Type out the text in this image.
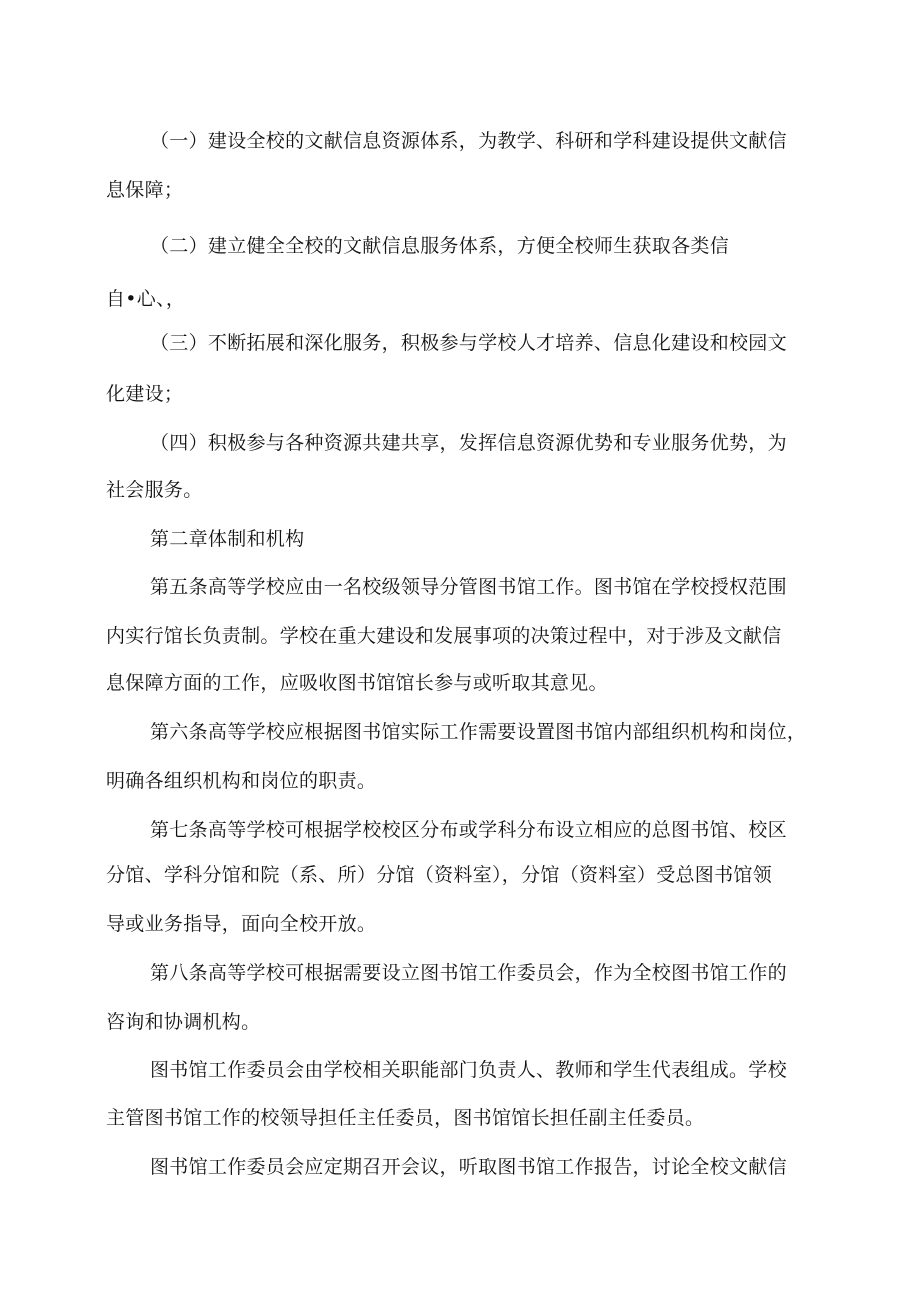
（一）建设全校的文献信息资源体系，为教学、科研和学科建设提供文献信
息保障；
（二）建立健全全校的文献信息服务体系，方便全校师生获取各类信
自•心、，
（三）不断拓展和深化服务，积极参与学校人才培养、信息化建设和校园文
化建设；
（四）积极参与各种资源共建共享，发挥信息资源优势和专业服务优势，为
社会服务。
第二章体制和机构
第五条高等学校应由一名校级领导分管图书馆工作。图书馆在学校授权范围
内实行馆长负责制。学校在重大建设和发展事项的决策过程中，对于涉及文献信
息保障方面的工作，应吸收图书馆馆长参与或听取其意见。
第六条高等学校应根据图书馆实际工作需要设置图书馆内部组织机构和岗位，
明确各组织机构和岗位的职责。
第七条高等学校可根据学校校区分布或学科分布设立相应的总图书馆、校区
分馆、学科分馆和院（系、所）分馆（资料室），分馆（资料室）受总图书馆领
导或业务指导，面向全校开放。
第八条高等学校可根据需要设立图书馆工作委员会，作为全校图书馆工作的
咨询和协调机构。
图书馆工作委员会由学校相关职能部门负责人、教师和学生代表组成。学校
主管图书馆工作的校领导担任主任委员，图书馆馆长担任副主任委员。
图书馆工作委员会应定期召开会议，听取图书馆工作报告，讨论全校文献信
